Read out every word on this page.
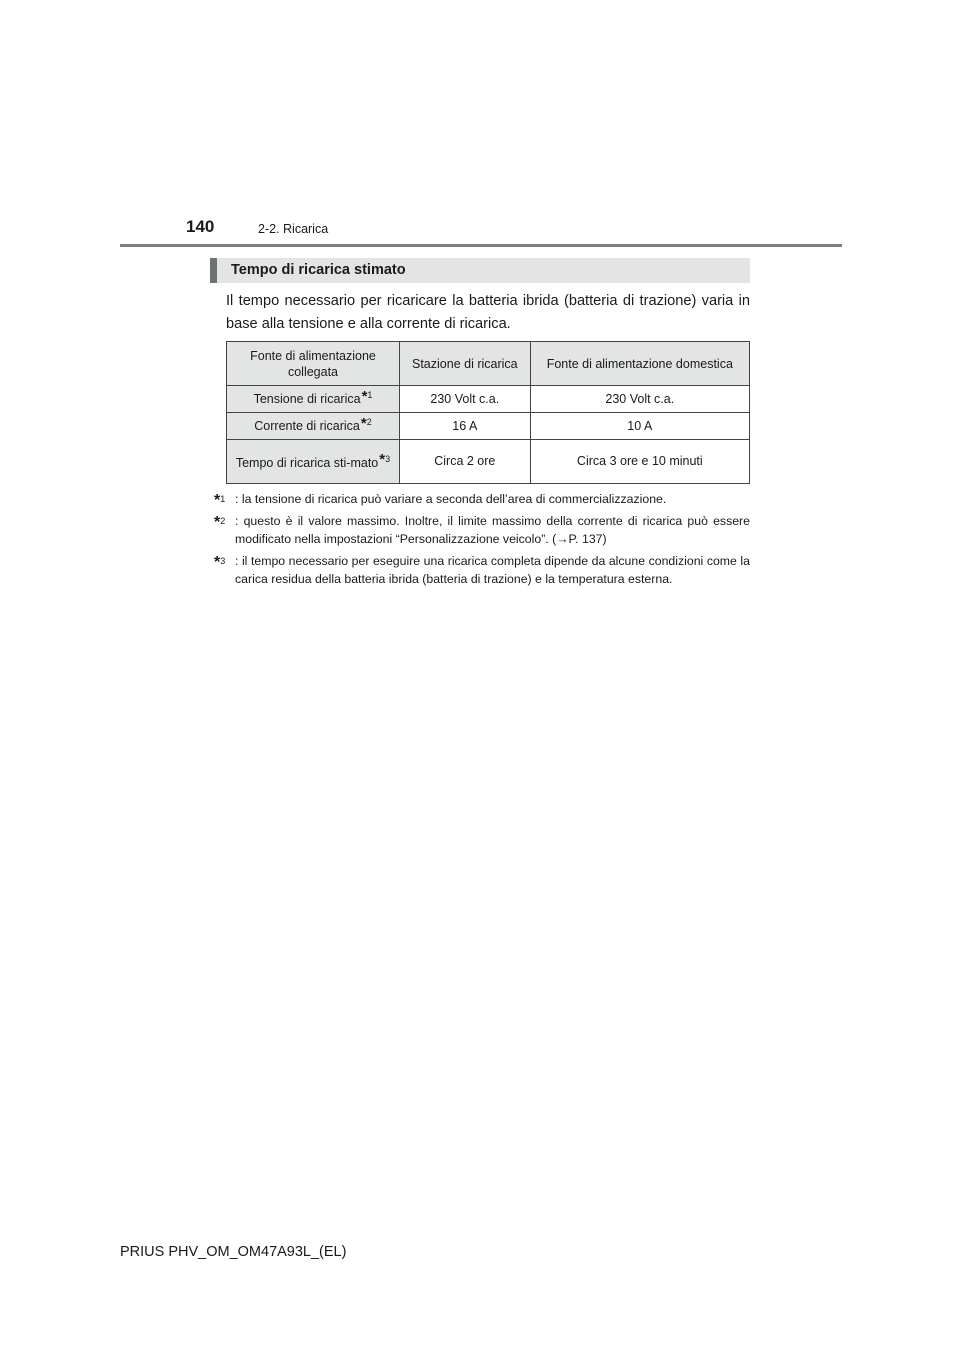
140	2-2. Ricarica
Tempo di ricarica stimato
Il tempo necessario per ricaricare la batteria ibrida (batteria di trazione) varia in base alla tensione e alla corrente di ricarica.
Fonte di alimentazione collegata	Stazione di ricarica	Fonte di alimentazione domestica
Tensione di ricarica*$^1$	230 Volt c.a.	230 Volt c.a.
Corrente di ricarica*$^2$	16 A	10 A
Tempo di ricarica sti-mato*$^3$	Circa 2 ore	Circa 3 ore e 10 minuti
*$^1$ : la tensione di ricarica può variare a seconda dell’area di commercializzazione.
*$^2$ : questo è il valore massimo. Inoltre, il limite massimo della corrente di ricarica può essere modificato nella impostazioni “Personalizzazione veicolo”. (→P. 137)
*$^3$ : il tempo necessario per eseguire una ricarica completa dipende da alcune condizioni come la carica residua della batteria ibrida (batteria di trazione) e la temperatura esterna.
PRIUS PHV_OM_OM47A93L_(EL)
